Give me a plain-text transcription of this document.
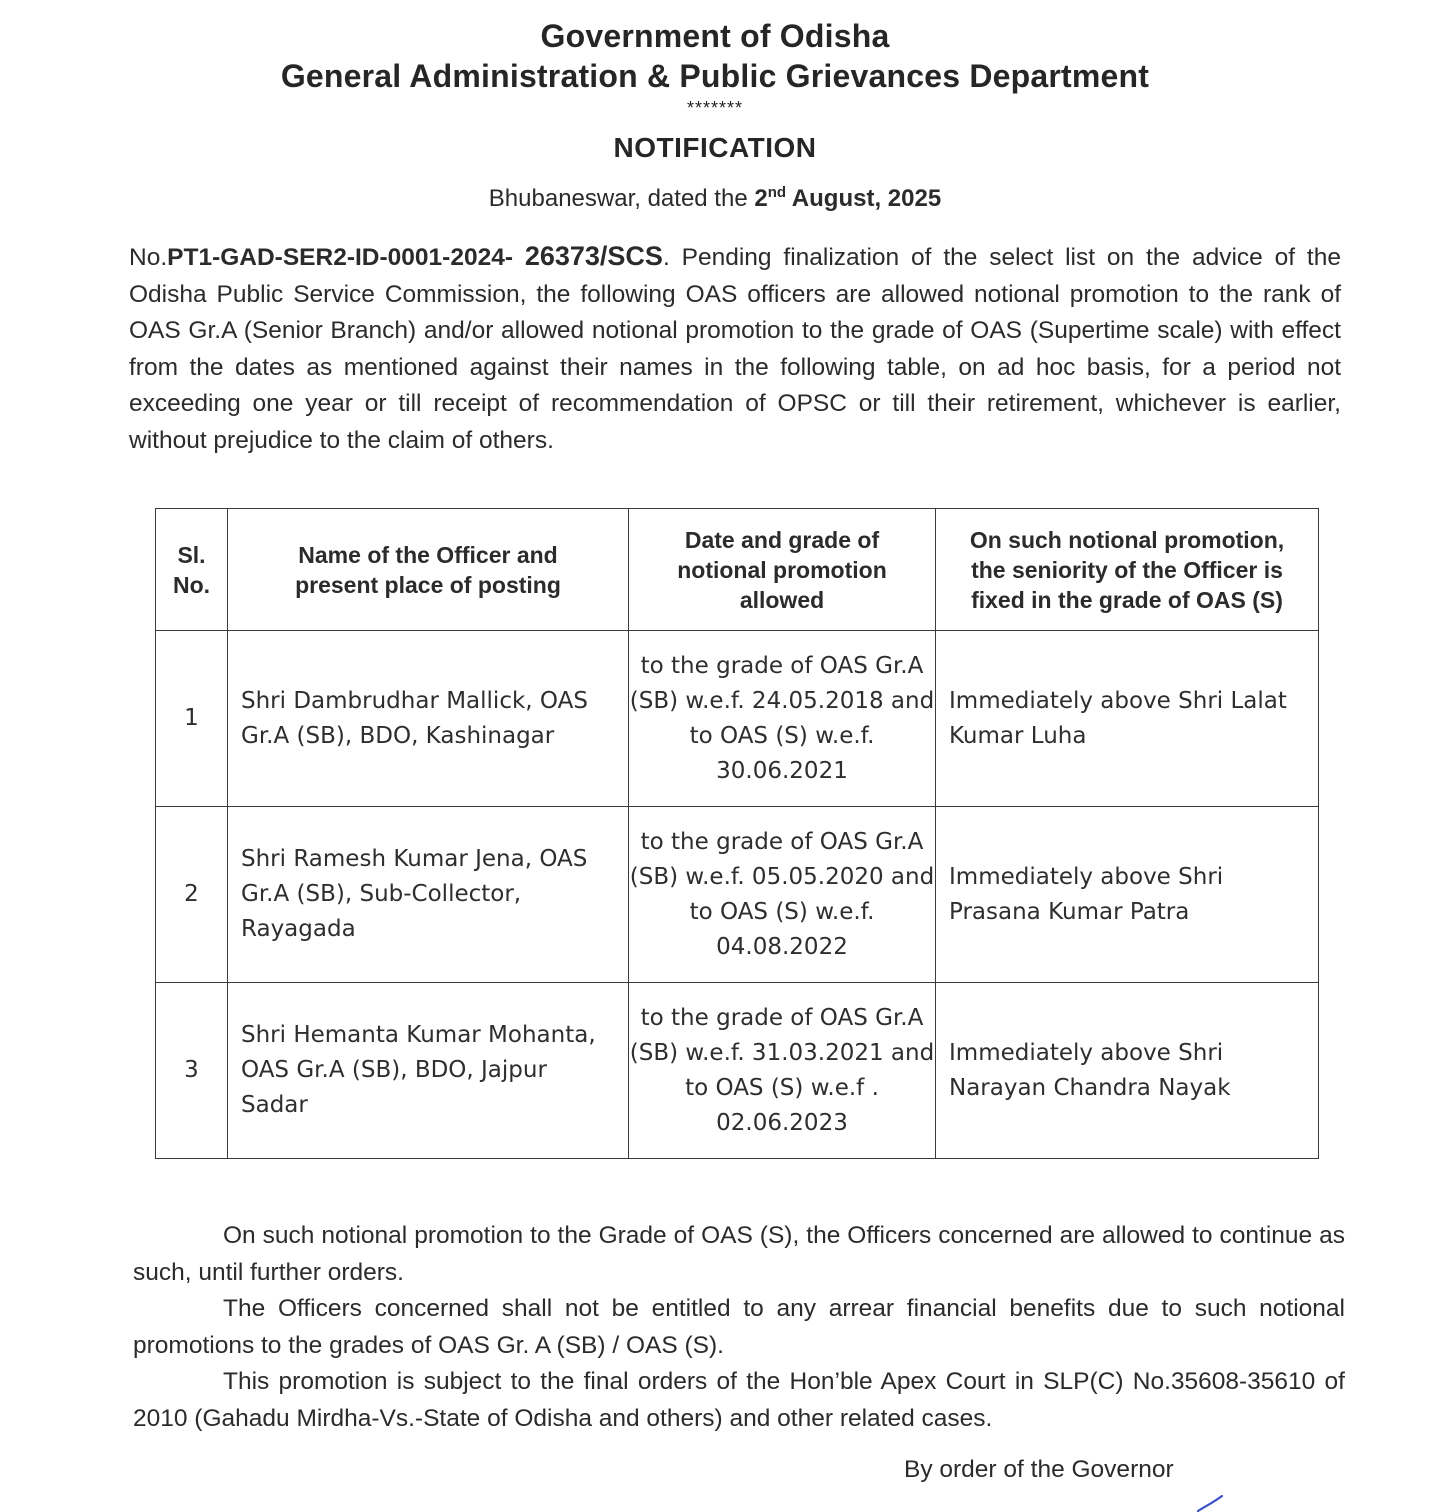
Government of Odisha
General Administration & Public Grievances Department
*******
NOTIFICATION
Bhubaneswar, dated the 2nd August, 2025
No.PT1-GAD-SER2-ID-0001-2024- 26373/SCS. Pending finalization of the select list on the advice of the Odisha Public Service Commission, the following OAS officers are allowed notional promotion to the rank of OAS Gr.A (Senior Branch) and/or allowed notional promotion to the grade of OAS (Supertime scale) with effect from the dates as mentioned against their names in the following table, on ad hoc basis, for a period not exceeding one year or till receipt of recommendation of OPSC or till their retirement, whichever is earlier, without prejudice to the claim of others.
Sl. No.	Name of the Officer and present place of posting	Date and grade of notional promotion allowed	On such notional promotion, the seniority of the Officer is fixed in the grade of OAS (S)
1	Shri Dambrudhar Mallick, OAS Gr.A (SB), BDO, Kashinagar	to the grade of OAS Gr.A (SB) w.e.f. 24.05.2018 and to OAS (S) w.e.f. 30.06.2021	Immediately above Shri Lalat Kumar Luha
2	Shri Ramesh Kumar Jena, OAS Gr.A (SB), Sub-Collector, Rayagada	to the grade of OAS Gr.A (SB) w.e.f. 05.05.2020 and to OAS (S) w.e.f. 04.08.2022	Immediately above Shri Prasana Kumar Patra
3	Shri Hemanta Kumar Mohanta, OAS Gr.A (SB), BDO, Jajpur Sadar	to the grade of OAS Gr.A (SB) w.e.f. 31.03.2021 and to OAS (S) w.e.f . 02.06.2023	Immediately above Shri Narayan Chandra Nayak
On such notional promotion to the Grade of OAS (S), the Officers concerned are allowed to continue as such, until further orders.
The Officers concerned shall not be entitled to any arrear financial benefits due to such notional promotions to the grades of OAS Gr. A (SB) / OAS (S).
This promotion is subject to the final orders of the Hon’ble Apex Court in SLP(C) No.35608-35610 of 2010 (Gahadu Mirdha-Vs.-State of Odisha and others) and other related cases.
By order of the Governor
